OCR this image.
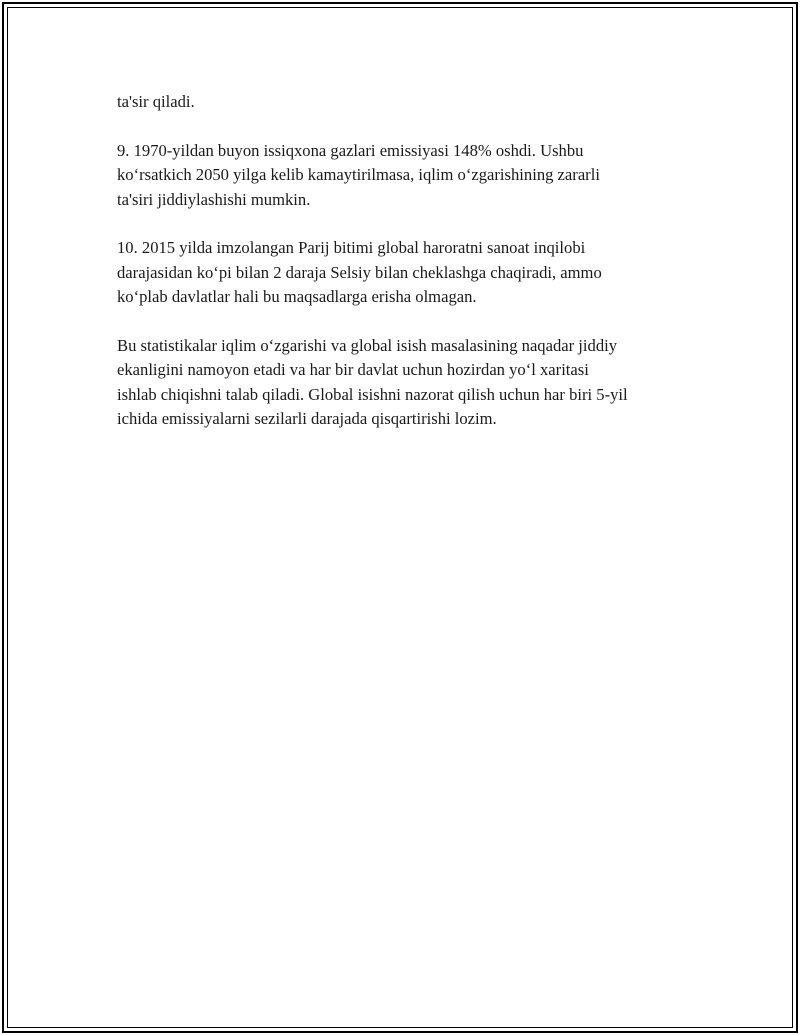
ta'sir qiladi.

9. 1970-yildan buyon issiqxona gazlari emissiyasi 148% oshdi. Ushbu
ko‘rsatkich 2050 yilga kelib kamaytirilmasa, iqlim o‘zgarishining zararli
ta'siri jiddiylashishi mumkin.

10. 2015 yilda imzolangan Parij bitimi global haroratni sanoat inqilobi
darajasidan ko‘pi bilan 2 daraja Selsiy bilan cheklashga chaqiradi, ammo
ko‘plab davlatlar hali bu maqsadlarga erisha olmagan.

Bu statistikalar iqlim o‘zgarishi va global isish masalasining naqadar jiddiy
ekanligini namoyon etadi va har bir davlat uchun hozirdan yo‘l xaritasi
ishlab chiqishni talab qiladi. Global isishni nazorat qilish uchun har biri 5-yil
ichida emissiyalarni sezilarli darajada qisqartirishi lozim.
